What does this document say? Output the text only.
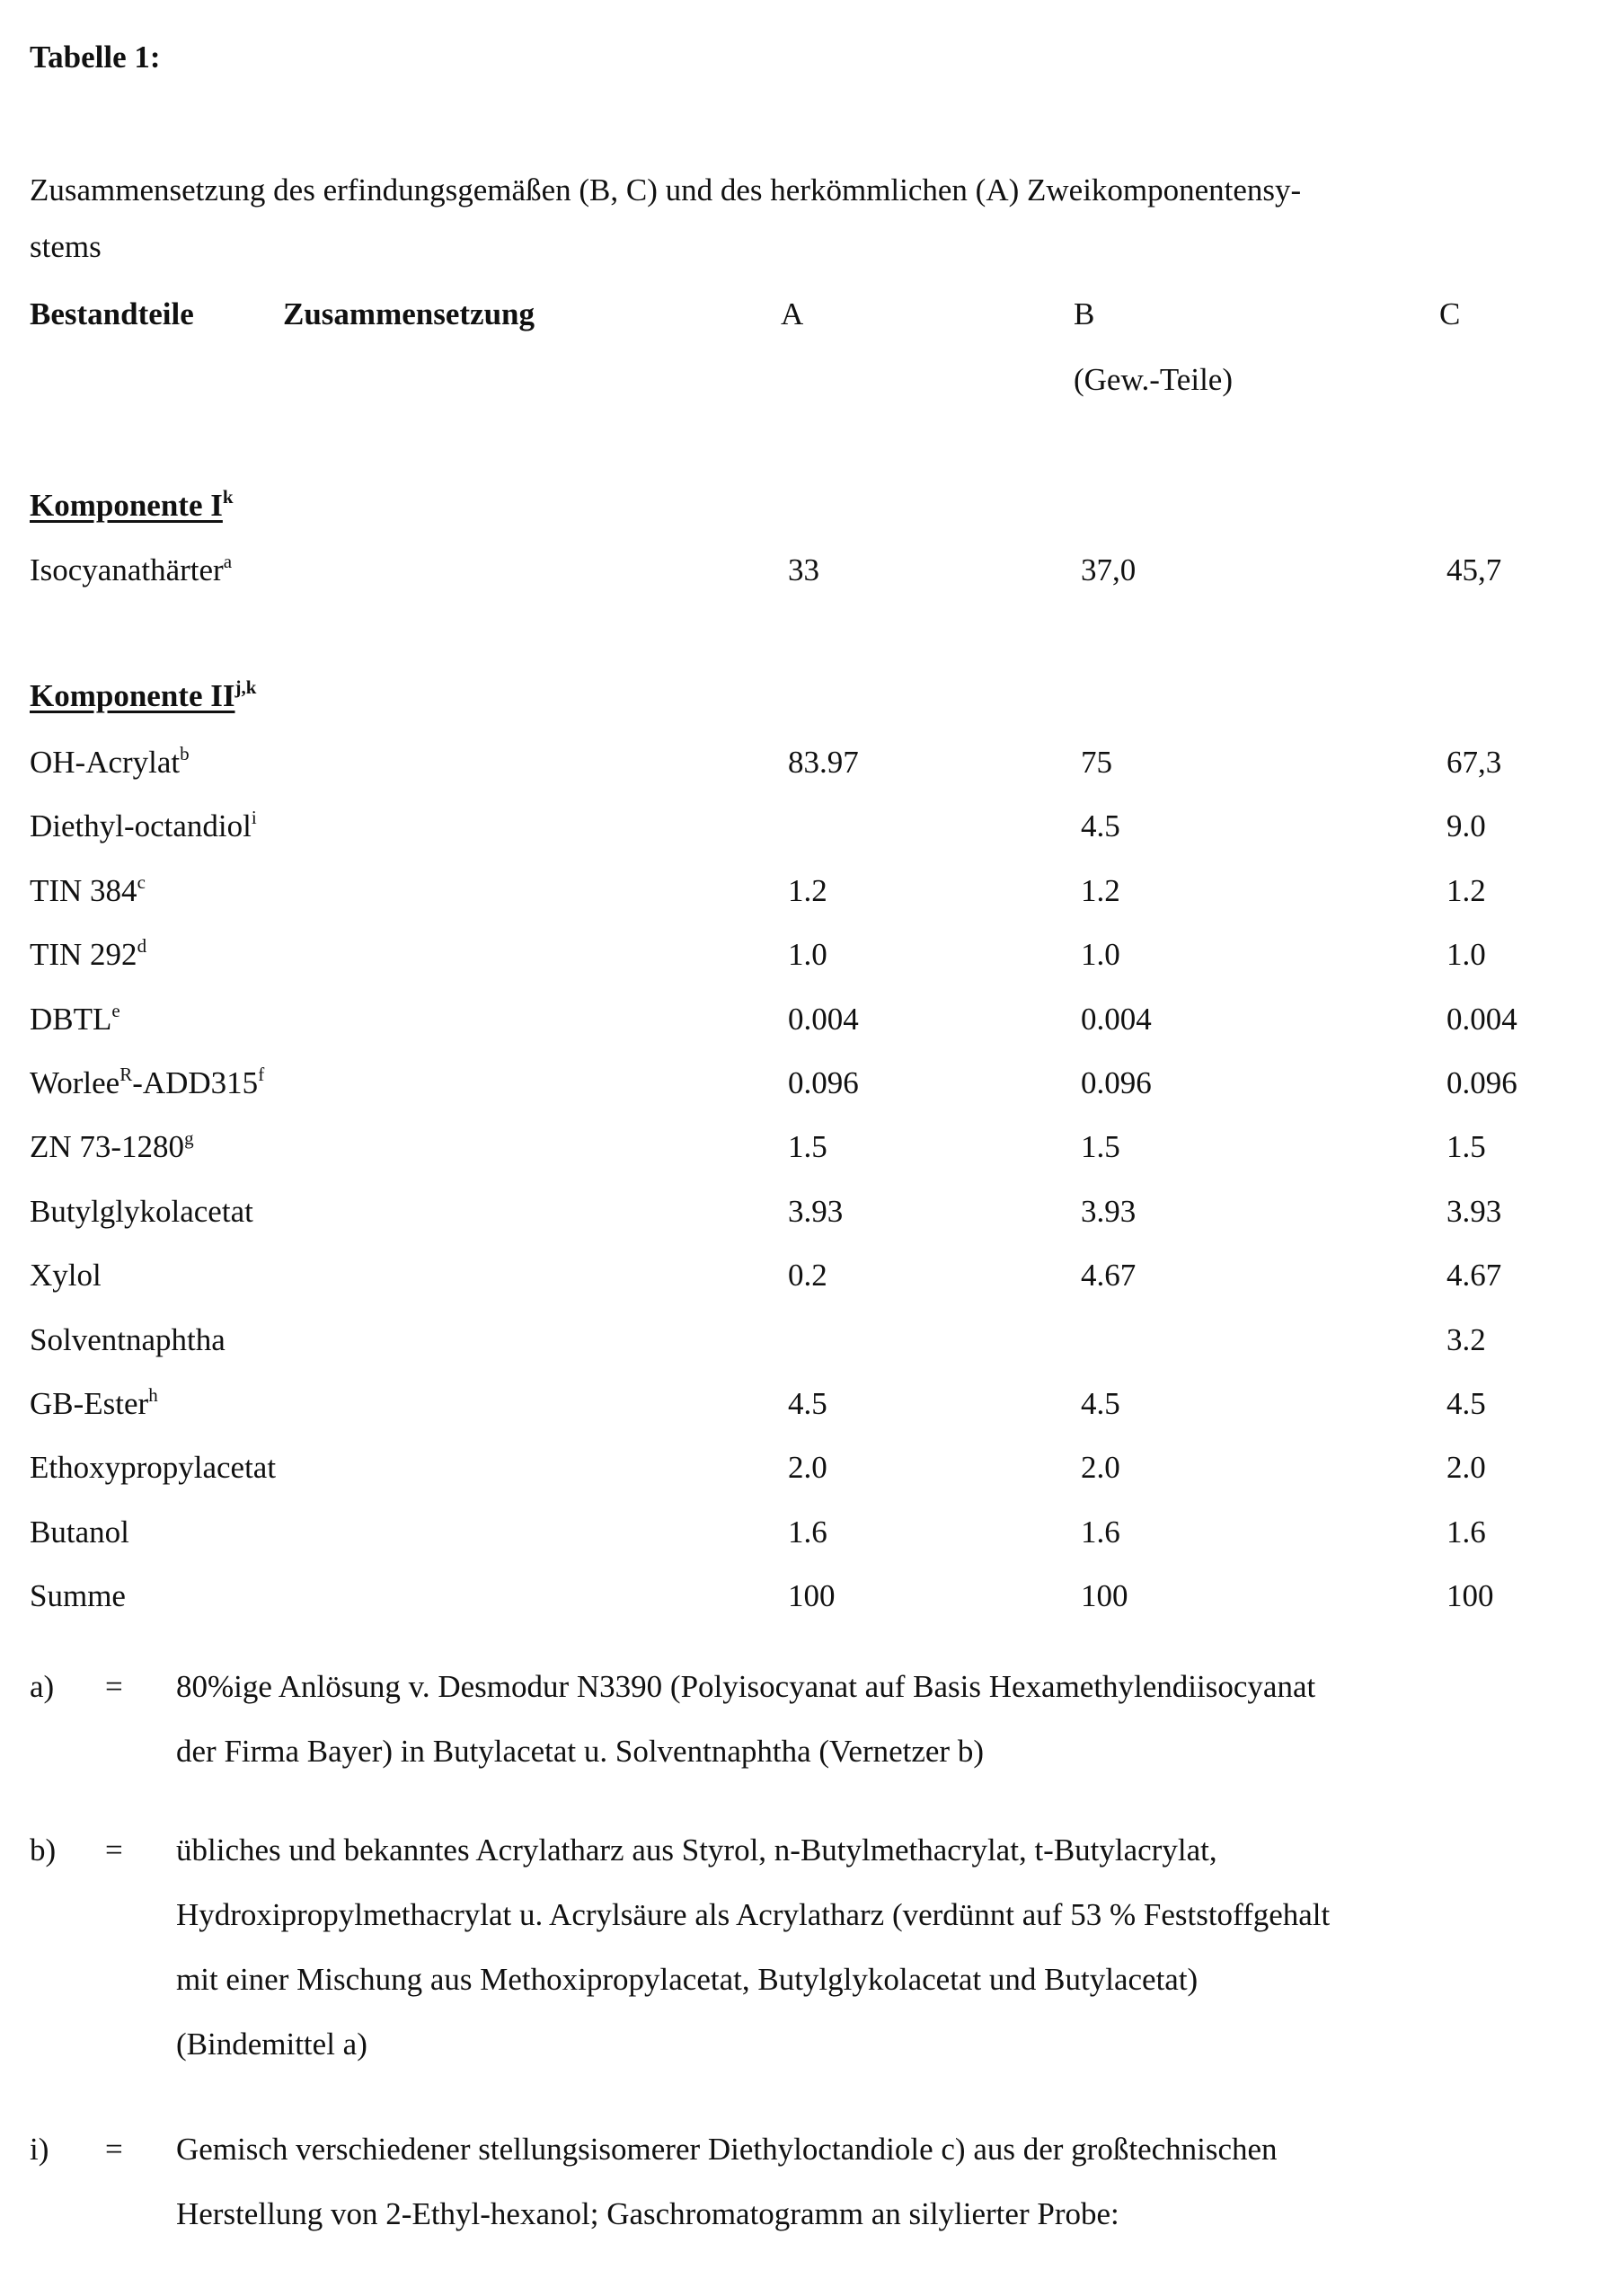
Tabelle 1:
Zusammensetzung des erfindungsgemäßen (B, C) und des herkömmlichen (A) Zweikomponentensy-
stems
Bestandteile	Zusammensetzung	A	B	C
(Gew.-Teile)
Komponente Ik
Komponente IIj,k
Isocyanathärtera	33	37,0	45,7
OH-Acrylatb	83.97	75	67,3
Diethyl-octandioli	4.5	9.0
TIN 384c	1.2	1.2	1.2
TIN 292d	1.0	1.0	1.0
DBTLe	0.004	0.004	0.004
WorleeR-ADD315f	0.096	0.096	0.096
ZN 73-1280g	1.5	1.5	1.5
Butylglykolacetat	3.93	3.93	3.93
Xylol	0.2	4.67	4.67
Solventnaphtha	3.2
GB-Esterh	4.5	4.5	4.5
Ethoxypropylacetat	2.0	2.0	2.0
Butanol	1.6	1.6	1.6
Summe	100	100	100
a) = 80%ige Anlösung v. Desmodur N3390 (Polyisocyanat auf Basis Hexamethylendiisocyanat
der Firma Bayer) in Butylacetat u. Solventnaphtha (Vernetzer b)
b) = übliches und bekanntes Acrylatharz aus Styrol, n-Butylmethacrylat, t-Butylacrylat,
Hydroxipropylmethacrylat u. Acrylsäure als Acrylatharz (verdünnt auf 53 % Feststoffgehalt
mit einer Mischung aus Methoxipropylacetat, Butylglykolacetat und Butylacetat)
(Bindemittel a)
i) = Gemisch verschiedener stellungsisomerer Diethyloctandiole c) aus der großtechnischen
Herstellung von 2-Ethyl-hexanol; Gaschromatogramm an silylierter Probe:
